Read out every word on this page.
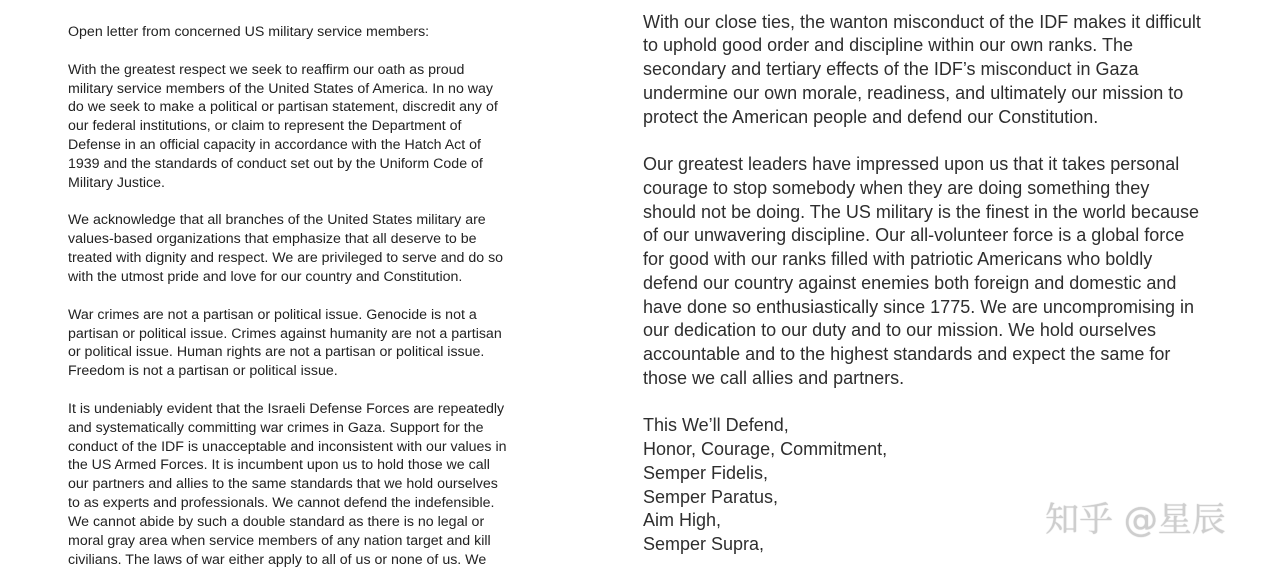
Open letter from concerned US military service members:
With the greatest respect we seek to reaffirm our oath as proud
military service members of the United States of America. In no way
do we seek to make a political or partisan statement, discredit any of
our federal institutions, or claim to represent the Department of
Defense in an official capacity in accordance with the Hatch Act of
1939 and the standards of conduct set out by the Uniform Code of
Military Justice.
We acknowledge that all branches of the United States military are
values-based organizations that emphasize that all deserve to be
treated with dignity and respect. We are privileged to serve and do so
with the utmost pride and love for our country and Constitution.
War crimes are not a partisan or political issue. Genocide is not a
partisan or political issue. Crimes against humanity are not a partisan
or political issue. Human rights are not a partisan or political issue.
Freedom is not a partisan or political issue.
It is undeniably evident that the Israeli Defense Forces are repeatedly
and systematically committing war crimes in Gaza. Support for the
conduct of the IDF is unacceptable and inconsistent with our values in
the US Armed Forces. It is incumbent upon us to hold those we call
our partners and allies to the same standards that we hold ourselves
to as experts and professionals. We cannot defend the indefensible.
We cannot abide by such a double standard as there is no legal or
moral gray area when service members of any nation target and kill
civilians. The laws of war either apply to all of us or none of us. We
With our close ties, the wanton misconduct of the IDF makes it difficult
to uphold good order and discipline within our own ranks. The
secondary and tertiary effects of the IDF’s misconduct in Gaza
undermine our own morale, readiness, and ultimately our mission to
protect the American people and defend our Constitution.
Our greatest leaders have impressed upon us that it takes personal
courage to stop somebody when they are doing something they
should not be doing. The US military is the finest in the world because
of our unwavering discipline. Our all-volunteer force is a global force
for good with our ranks filled with patriotic Americans who boldly
defend our country against enemies both foreign and domestic and
have done so enthusiastically since 1775. We are uncompromising in
our dedication to our duty and to our mission. We hold ourselves
accountable and to the highest standards and expect the same for
those we call allies and partners.
This We’ll Defend,
Honor, Courage, Commitment,
Semper Fidelis,
Semper Paratus,
Aim High,
Semper Supra,
知乎 @星辰
